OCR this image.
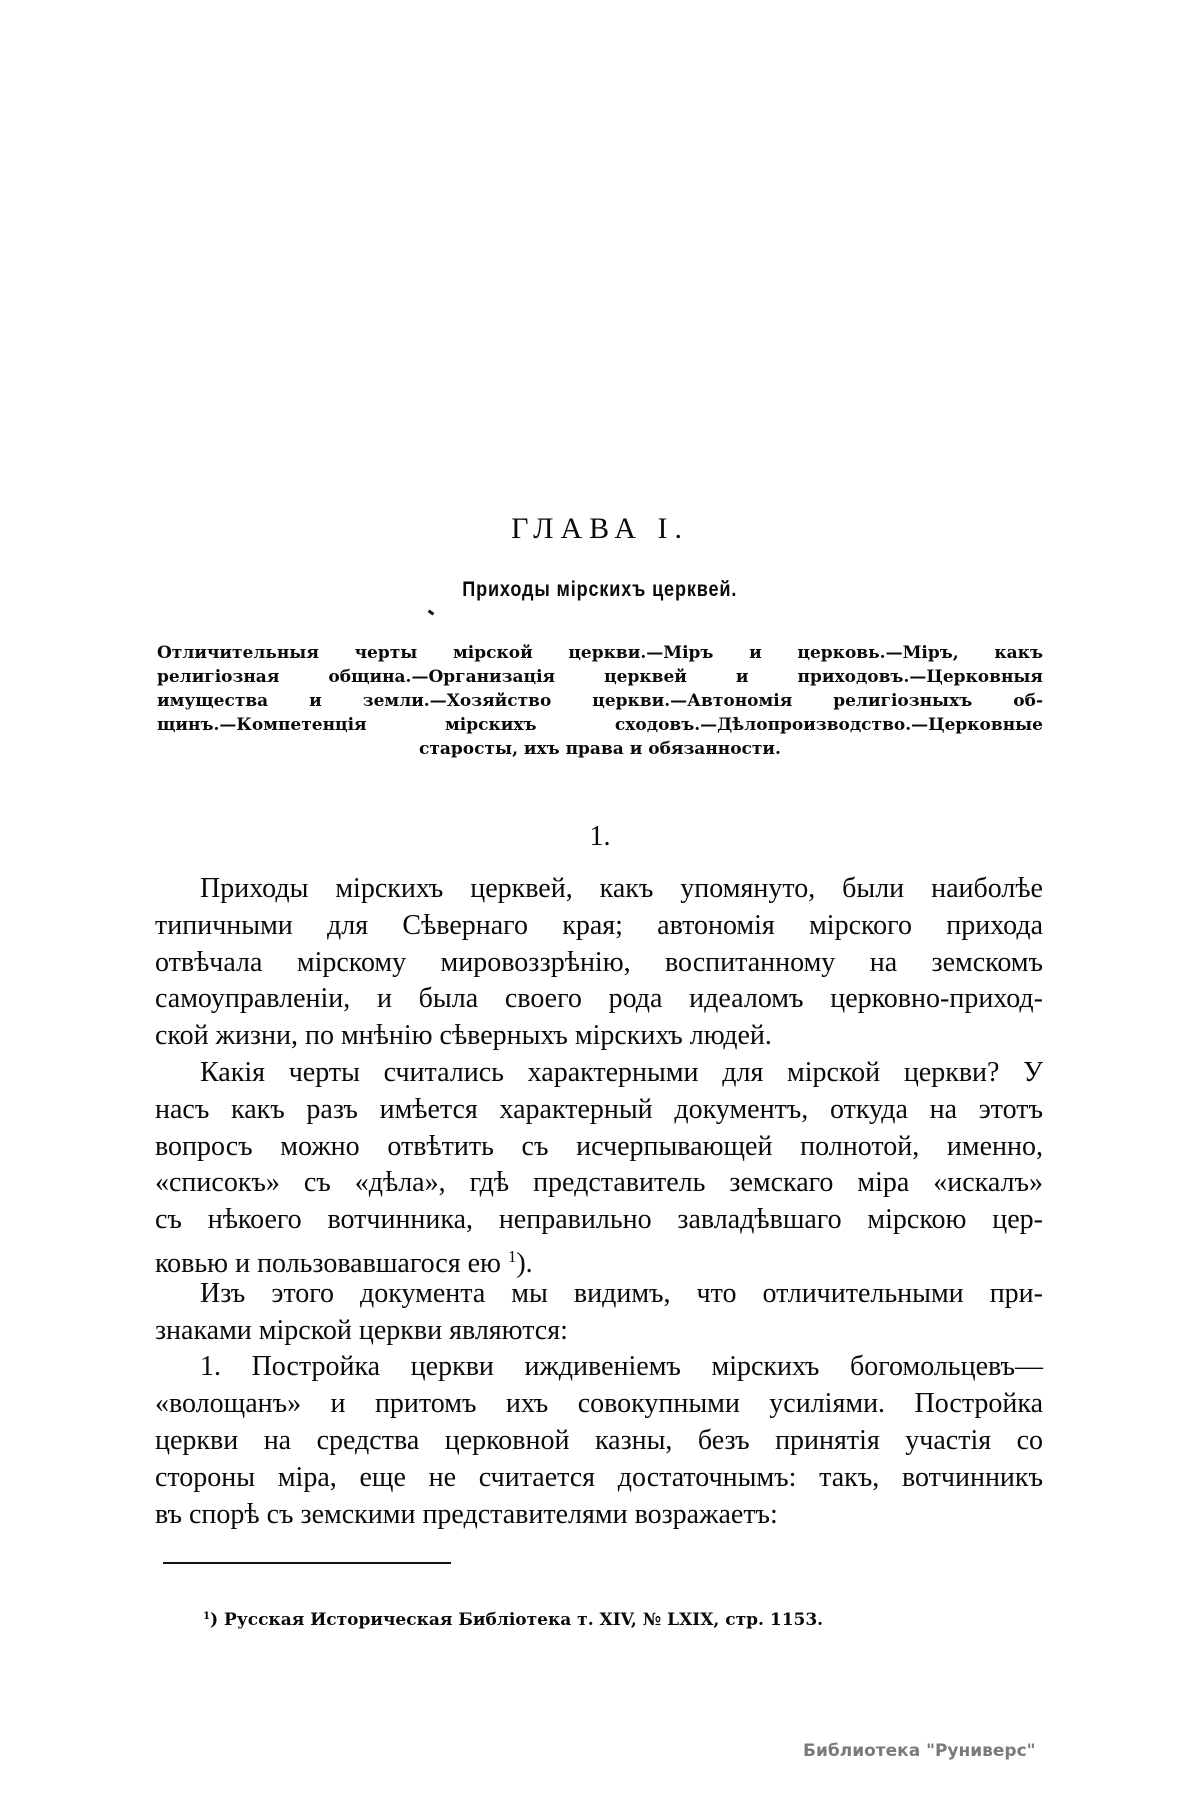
ГЛАВА I.
Приходы мірскихъ церквей.
Отличительныя черты мірской церкви.—Міръ и церковь.—Міръ, какъ
религіозная община.—Организація церквей и приходовъ.—Церковныя
имущества и земли.—Хозяйство церкви.—Автономія религіозныхъ об-
щинъ.—Компетенція мірскихъ сходовъ.—Дѣлопроизводство.—Церковные
старосты, ихъ права и обязанности.
1.
Приходы мірскихъ церквей, какъ упомянуто, были наиболѣе
типичными для Сѣвернаго края; автономія мірского прихода
отвѣчала мірскому мировоззрѣнію, воспитанному на земскомъ
самоуправленіи, и была своего рода идеаломъ церковно-приход-
ской жизни, по мнѣнію сѣверныхъ мірскихъ людей.
Какія черты считались характерными для мірской церкви? У
насъ какъ разъ имѣется характерный документъ, откуда на этотъ
вопросъ можно отвѣтить съ исчерпывающей полнотой, именно,
«списокъ» съ «дѣла», гдѣ представитель земскаго міра «искалъ»
съ нѣкоего вотчинника, неправильно завладѣвшаго мірскою цер-
ковью и пользовавшагося ею $^1$).
Изъ этого документа мы видимъ, что отличительными при-
знаками мірской церкви являются:
1. Постройка церкви иждивеніемъ мірскихъ богомольцевъ—
«волощанъ» и притомъ ихъ совокупными усиліями. Постройка
церкви на средства церковной казны, безъ принятія участія со
стороны міра, еще не считается достаточнымъ: такъ, вотчинникъ
въ спорѣ съ земскими представителями возражаетъ:
$^1$) Русская Историческая Библіотека т. XIV, № LXIX, стр. 1153.
Библиотека "Руниверс"
